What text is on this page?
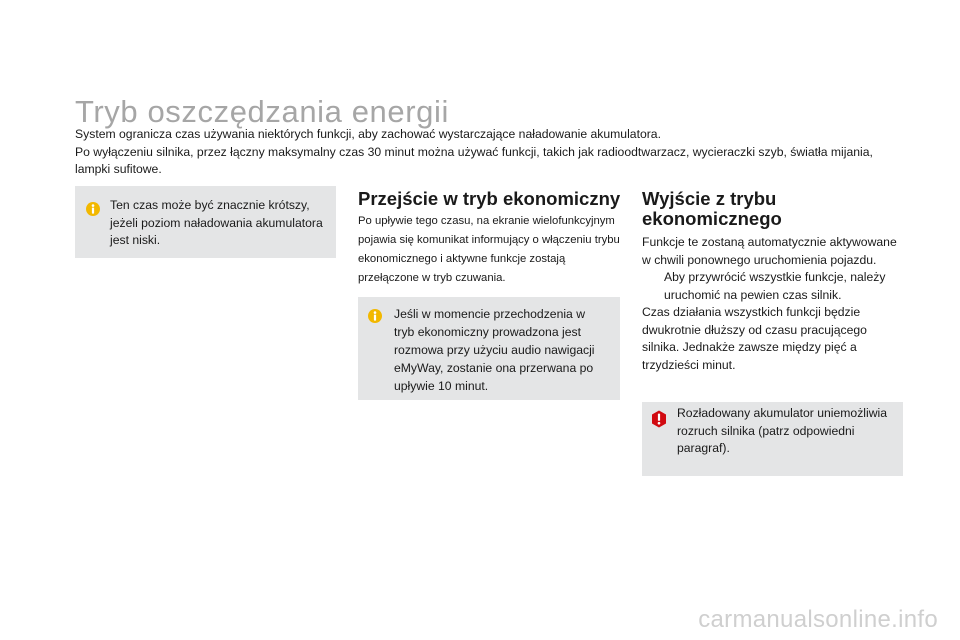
Tryb oszczędzania energii

System ogranicza czas używania niektórych funkcji, aby zachować wystarczające naładowanie akumulatora.

Po wyłączeniu silnika, przez łączny maksymalny czas 30 minut można używać funkcji, takich jak radioodtwarzacz, wycieraczki szyb, światła mijania, lampki sufitowe.

Ten czas może być znacznie krótszy, jeżeli poziom naładowania akumulatora jest niski.
Przejście w tryb ekonomiczny

Po upływie tego czasu, na ekranie wielofunkcyjnym pojawia się komunikat informujący o włączeniu trybu ekonomicznego i aktywne funkcje zostają przełączone w tryb czuwania.

Jeśli w momencie przechodzenia w tryb ekonomiczny prowadzona jest rozmowa przy użyciu audio nawigacji eMyWay, zostanie ona przerwana po upływie 10 minut.
Wyjście z trybu ekonomicznego

Funkcje te zostaną automatycznie aktywowane w chwili ponownego uruchomienia pojazdu.

Aby przywrócić wszystkie funkcje, należy uruchomić na pewien czas silnik.

Czas działania wszystkich funkcji będzie dwukrotnie dłuższy od czasu pracującego silnika. Jednakże zawsze między pięć a trzydzieści minut.

Rozładowany akumulator uniemożliwia rozruch silnika (patrz odpowiedni paragraf).
carmanualsonline.info
